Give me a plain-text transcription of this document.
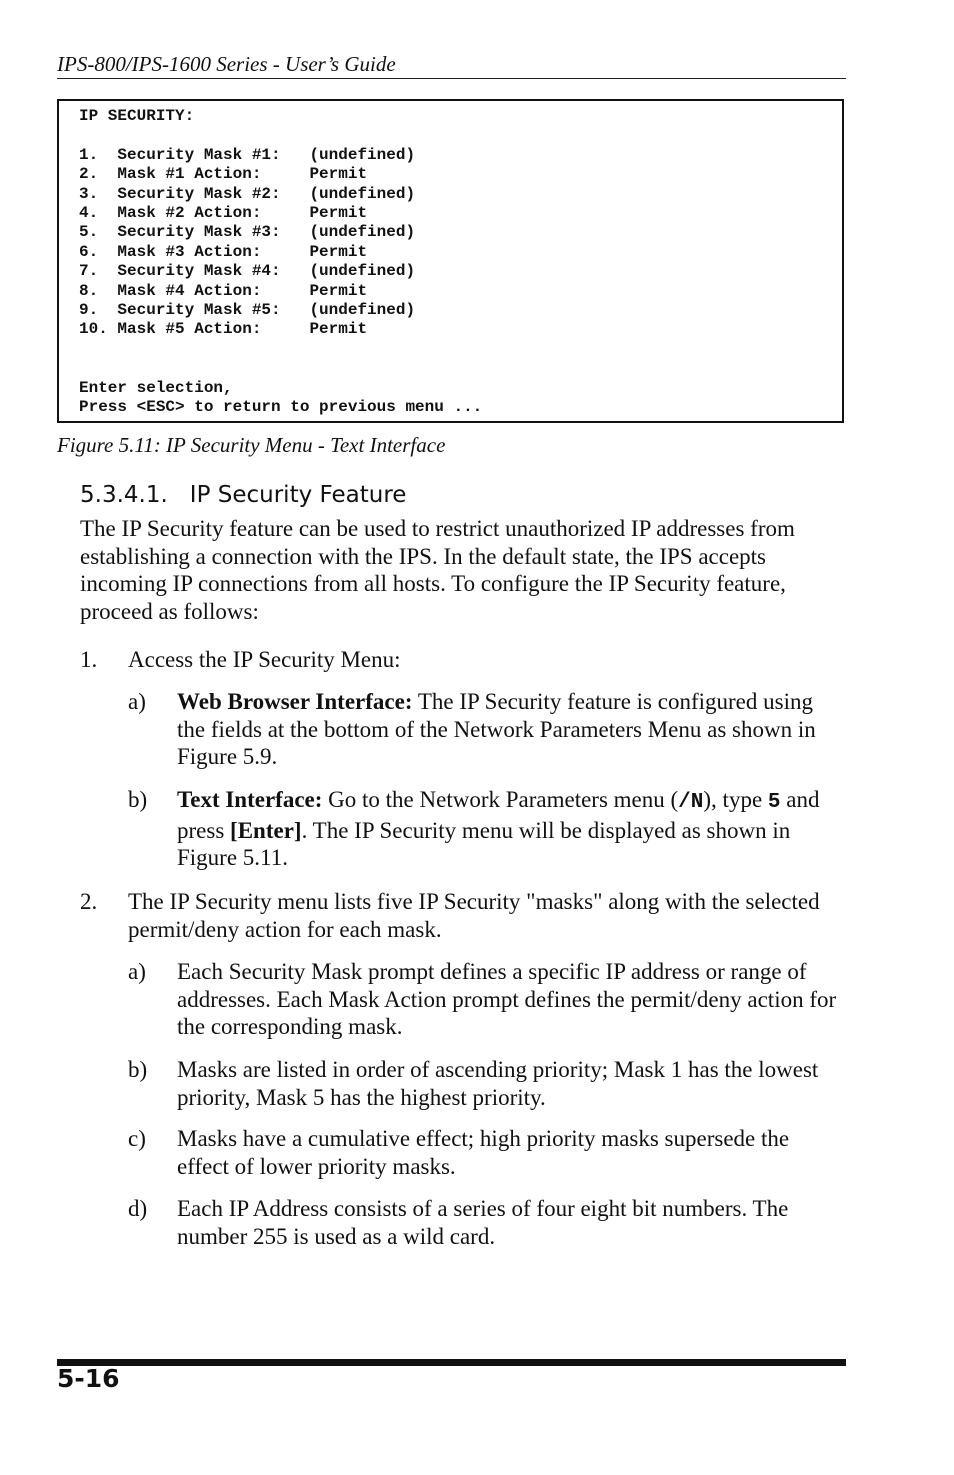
IPS-800/IPS-1600 Series - User’s Guide
IP SECURITY:

1.  Security Mask #1:   (undefined)
2.  Mask #1 Action:     Permit
3.  Security Mask #2:   (undefined)
4.  Mask #2 Action:     Permit
5.  Security Mask #3:   (undefined)
6.  Mask #3 Action:     Permit
7.  Security Mask #4:   (undefined)
8.  Mask #4 Action:     Permit
9.  Security Mask #5:   (undefined)
10. Mask #5 Action:     Permit

Enter selection,
Press <ESC> to return to previous menu ...
Figure 5.11: IP Security Menu - Text Interface
5.3.4.1. IP Security Feature
The IP Security feature can be used to restrict unauthorized IP addresses from establishing a connection with the IPS. In the default state, the IPS accepts incoming IP connections from all hosts. To configure the IP Security feature, proceed as follows:
1. Access the IP Security Menu:
a) Web Browser Interface: The IP Security feature is configured using the fields at the bottom of the Network Parameters Menu as shown in Figure 5.9.
b) Text Interface: Go to the Network Parameters menu (/N), type 5 and press [Enter]. The IP Security menu will be displayed as shown in Figure 5.11.
2. The IP Security menu lists five IP Security "masks" along with the selected permit/deny action for each mask.
a) Each Security Mask prompt defines a specific IP address or range of addresses. Each Mask Action prompt defines the permit/deny action for the corresponding mask.
b) Masks are listed in order of ascending priority; Mask 1 has the lowest priority, Mask 5 has the highest priority.
c) Masks have a cumulative effect; high priority masks supersede the effect of lower priority masks.
d) Each IP Address consists of a series of four eight bit numbers. The number 255 is used as a wild card.
5-16
